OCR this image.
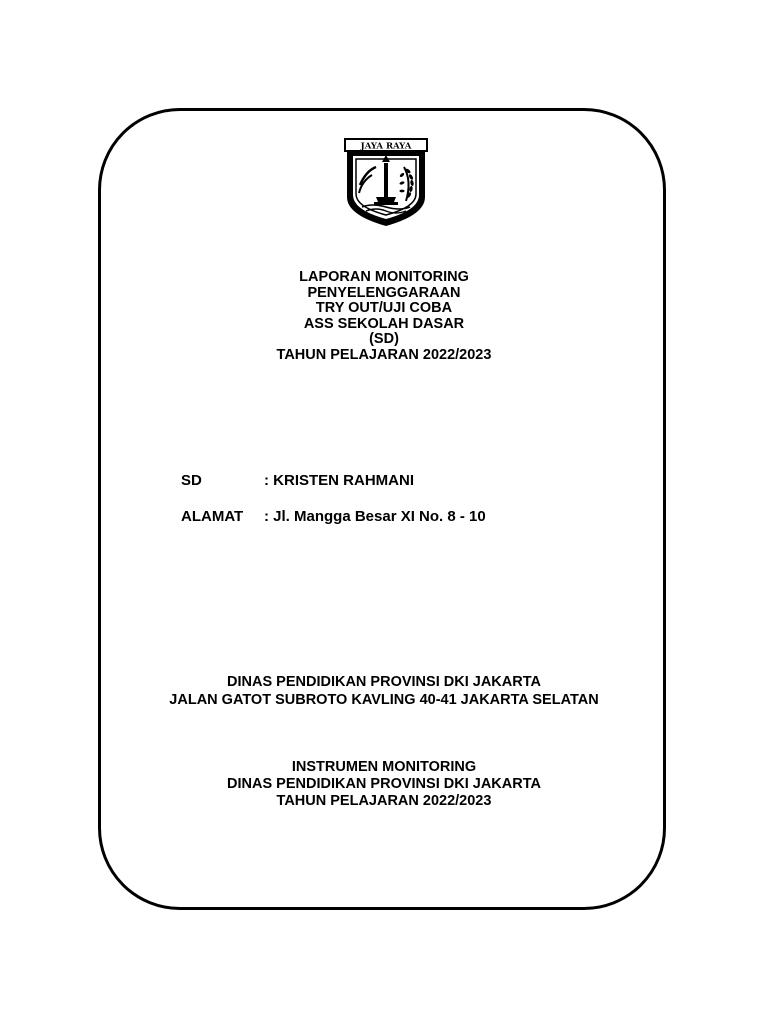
JAYA RAYA
LAPORAN MONITORING
PENYELENGGARAAN
TRY OUT/UJI COBA
ASS SEKOLAH DASAR
(SD)
TAHUN PELAJARAN 2022/2023
SD	: KRISTEN RAHMANI
ALAMAT : Jl. Mangga Besar XI No. 8 - 10
DINAS PENDIDIKAN PROVINSI DKI JAKARTA
JALAN GATOT SUBROTO KAVLING 40-41 JAKARTA SELATAN
INSTRUMEN MONITORING
DINAS PENDIDIKAN PROVINSI DKI JAKARTA
TAHUN PELAJARAN 2022/2023
